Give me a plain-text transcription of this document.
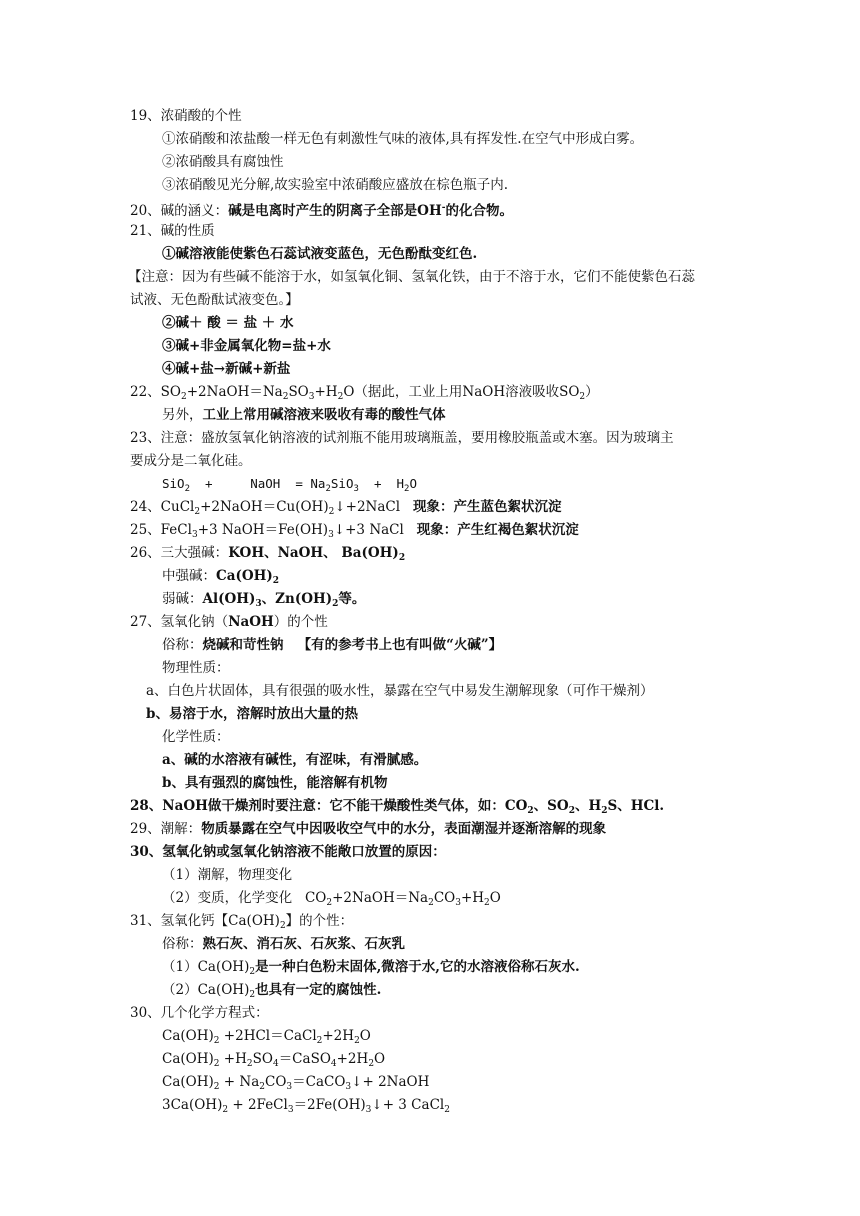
19、浓硝酸的个性
①浓硝酸和浓盐酸一样无色有刺激性气味的液体,具有挥发性.在空气中形成白雾。
②浓硝酸具有腐蚀性
③浓硝酸见光分解,故实验室中浓硝酸应盛放在棕色瓶子内.
20、碱的涵义：碱是电离时产生的阴离子全部是OH-的化合物。
21、碱的性质
①碱溶液能使紫色石蕊试液变蓝色，无色酚酞变红色.
【注意：因为有些碱不能溶于水，如氢氧化铜、氢氧化铁，由于不溶于水，它们不能使紫色石蕊
试液、无色酚酞试液变色。】
②碱＋ 酸 ＝ 盐 ＋ 水
③碱+非金属氧化物=盐+水
④碱+盐→新碱+新盐
22、$SO_2+2NaOH=Na_2SO_3+H_2O$（据此，工业上用NaOH溶液吸收$SO_2$）
另外，工业上常用碱溶液来吸收有毒的酸性气体
23、注意：盛放氢氧化钠溶液的试剂瓶不能用玻璃瓶盖，要用橡胶瓶盖或木塞。因为玻璃主
要成分是二氧化硅。
SiO$_2$  +     NaOH  = $Na_2SiO_3 + H_2O$
24、$CuCl_2+2NaOH=Cu(OH)_2↓+2NaCl$   现象：产生蓝色絮状沉淀
25、FeCl$_3$+3 $NaOH=Fe(OH)_3↓+3$ NaCl   现象：产生红褐色絮状沉淀
26、三大强碱：KOH、NaOH、 $Ba(OH)_2$
中强碱：$Ca(OH)_2$
弱碱：$Al(OH)_3$、$Zn(OH)_2$等。
27、氢氧化钠（NaOH）的个性
俗称：烧碱和苛性钠   【有的参考书上也有叫做“火碱”】
物理性质：
a、白色片状固体，具有很强的吸水性，暴露在空气中易发生潮解现象（可作干燥剂）
b、易溶于水，溶解时放出大量的热
化学性质：
a、碱的水溶液有碱性，有涩味，有滑腻感。
b、具有强烈的腐蚀性，能溶解有机物
28、NaOH做干燥剂时要注意：它不能干燥酸性类气体，如：$CO_2$、$SO_2$、$H_2S$、HCl.
29、潮解：物质暴露在空气中因吸收空气中的水分，表面潮湿并逐渐溶解的现象
30、氢氧化钠或氢氧化钠溶液不能敞口放置的原因：
（1）潮解，物理变化
（2）变质，化学变化   $CO_2+2NaOH=Na_2CO_3+H_2O$
31、氢氧化钙【$Ca(OH)_2$】的个性：
俗称：熟石灰、消石灰、石灰浆、石灰乳
$(1)Ca(OH)_2$是一种白色粉末固体,微溶于水,它的水溶液俗称石灰水.
$(2)Ca(OH)_2$也具有一定的腐蚀性.
30、几个化学方程式：
$Ca(OH)_2$ $+2HCl=CaCl_2+2H_2O$
$Ca(OH)_2$ $+H_2SO_4=CaSO_4+2H_2O$
$Ca(OH)_2$ + $Na_2CO_3=CaCO_3↓+$ 2NaOH
$3Ca(OH)_2$ + $2FeCl_3=2Fe(OH)_3↓+ 3$ CaCl$_2$
